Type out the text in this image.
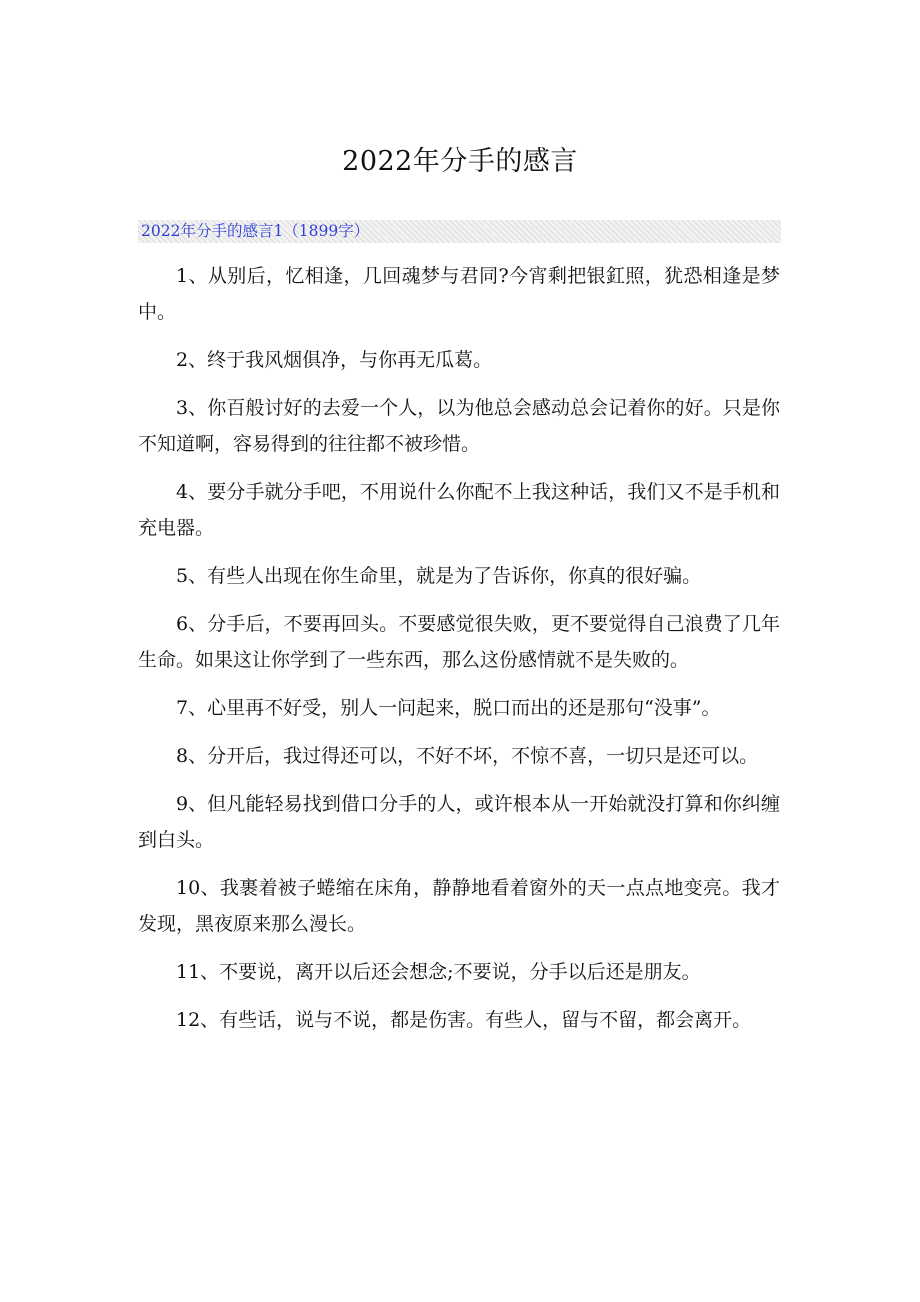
2022年分手的感言
2022年分手的感言1（1899字）

1、从别后，忆相逢，几回魂梦与君同?今宵剩把银釭照，犹恐相逢是梦中。

2、终于我风烟俱净，与你再无瓜葛。

3、你百般讨好的去爱一个人，以为他总会感动总会记着你的好。只是你不知道啊，容易得到的往往都不被珍惜。

4、要分手就分手吧，不用说什么你配不上我这种话，我们又不是手机和充电器。

5、有些人出现在你生命里，就是为了告诉你，你真的很好骗。

6、分手后，不要再回头。不要感觉很失败，更不要觉得自己浪费了几年生命。如果这让你学到了一些东西，那么这份感情就不是失败的。

7、心里再不好受，别人一问起来，脱口而出的还是那句“没事”。

8、分开后，我过得还可以，不好不坏，不惊不喜，一切只是还可以。

9、但凡能轻易找到借口分手的人，或许根本从一开始就没打算和你纠缠到白头。

10、我裹着被子蜷缩在床角，静静地看着窗外的天一点点地变亮。我才发现，黑夜原来那么漫长。

11、不要说，离开以后还会想念;不要说，分手以后还是朋友。

12、有些话，说与不说，都是伤害。有些人，留与不留，都会离开。
